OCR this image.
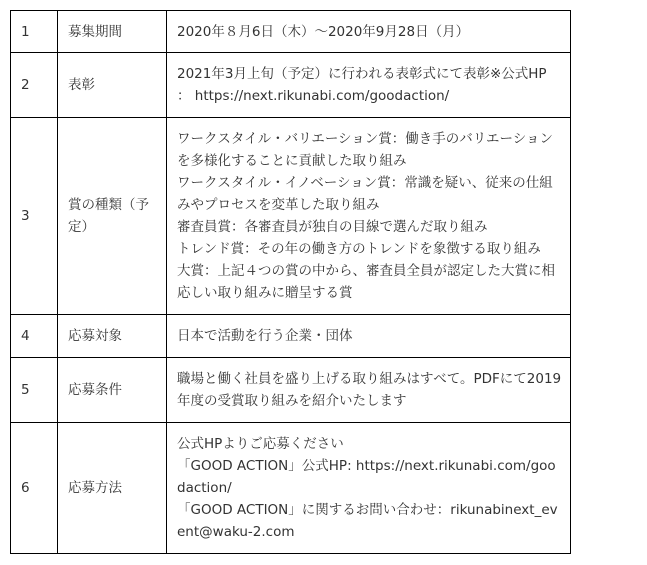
1	募集期間	2020年８月6日（木）〜2020年9月28日（月）

2	表彰	2021年3月上旬（予定）に行われる表彰式にて表彰※公式HP ： https://next.rikunabi.com/goodaction/

3	賞の種類（予定）	ワークスタイル・バリエーション賞：働き手のバリエーションを多様化することに貢献した取り組み
ワークスタイル・イノベーション賞：常識を疑い、従来の仕組みやプロセスを変革した取り組み
審査員賞：各審査員が独自の目線で選んだ取り組み
トレンド賞：その年の働き方のトレンドを象徴する取り組み
大賞：上記４つの賞の中から、審査員全員が認定した大賞に相応しい取り組みに贈呈する賞

4	応募対象	日本で活動を行う企業・団体

5	応募条件	職場と働く社員を盛り上げる取り組みはすべて。PDFにて2019年度の受賞取り組みを紹介いたします

6	応募方法	公式HPよりご応募ください
「GOOD ACTION」公式HP: https://next.rikunabi.com/goodaction/
「GOOD ACTION」に関するお問い合わせ：rikunabinext_event@waku-2.com
